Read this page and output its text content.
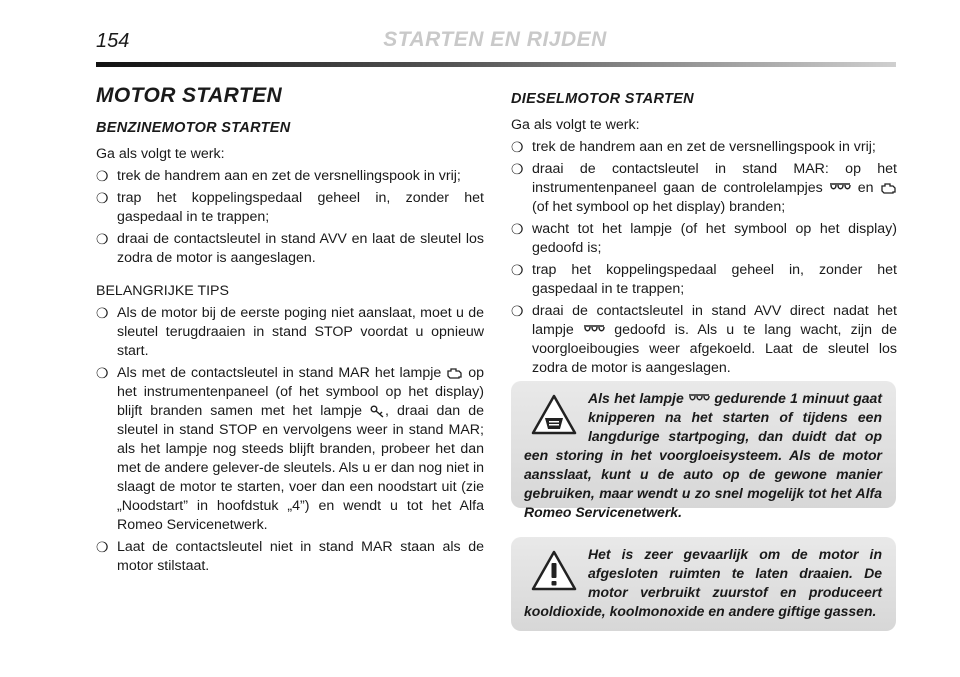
154	STARTEN EN RIJDEN
MOTOR STARTEN
BENZINEMOTOR STARTEN

Ga als volgt te werk:

❍ trek de handrem aan en zet de versnellingspook in vrij;
❍ trap het koppelingspedaal geheel in, zonder het gaspedaal in te trappen;
❍ draai de contactsleutel in stand AVV en laat de sleutel los zodra de motor is aangeslagen.

BELANGRIJKE TIPS

❍ Als de motor bij de eerste poging niet aanslaat, moet u de sleutel terugdraaien in stand STOP voordat u opnieuw start.
❍ Als met de contactsleutel in stand MAR het lampje op het instrumentenpaneel (of het symbool op het display) blijft branden samen met het lampje , draai dan de sleutel in stand STOP en vervolgens weer in stand MAR; als het lampje nog steeds blijft branden, probeer het dan met de andere gelever-de sleutels. Als u er dan nog niet in slaagt de motor te starten, voer dan een noodstart uit (zie „Noodstart” in hoofdstuk „4”) en wendt u tot het Alfa Romeo Servicenetwerk.
❍ Laat de contactsleutel niet in stand MAR staan als de motor stilstaat.
DIESELMOTOR STARTEN

Ga als volgt te werk:

❍ trek de handrem aan en zet de versnellingspook in vrij;
❍ draai de contactsleutel in stand MAR: op het instrumentenpaneel gaan de controlelampjes en  (of het symbool op het display) branden;
❍ wacht tot het lampje (of het symbool op het display) gedoofd is;
❍ trap het koppelingspedaal geheel in, zonder het gaspedaal in te trappen;
❍ draai de contactsleutel in stand AVV direct nadat het lampje	gedoofd is. Als u te lang wacht, zijn de voorgloeibougies weer afgekoeld. Laat de sleutel los zodra de motor is aangeslagen.
Als het lampje gedurende 1 minuut gaat knipperen na het starten of tijdens een langdurige startpoging, dan duidt dat op een storing in het voorgloeisysteem. Als de motor aansslaat, kunt u de auto op de gewone manier gebruiken, maar wendt u zo snel mogelijk tot het Alfa Romeo Servicenetwerk.
Het is zeer gevaarlijk om de motor in afgesloten ruimten te laten draaien. De motor verbruikt zuurstof en produceert kooldioxide, koolmonoxide en andere giftige gassen.
